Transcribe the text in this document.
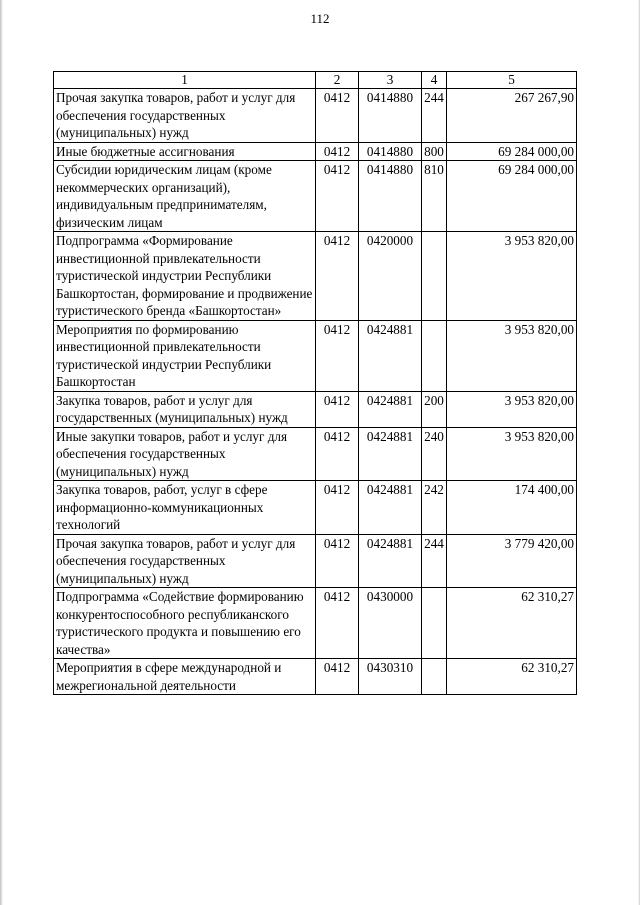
112
1	2	3	4	5
Прочая закупка товаров, работ и услуг для обеспечения государственных (муниципальных) нужд	0412	0414880	244	267 267,90
Иные бюджетные ассигнования	0412	0414880	800	69 284 000,00
Субсидии юридическим лицам (кроме некоммерческих организаций), индивидуальным предпринимателям, физическим лицам	0412	0414880	810	69 284 000,00
Подпрограмма «Формирование инвестиционной привлекательности туристической индустрии Республики Башкортостан, формирование и продвижение туристического бренда «Башкортостан»	0412	0420000		3 953 820,00
Мероприятия по формированию инвестиционной привлекательности туристической индустрии Республики Башкортостан	0412	0424881		3 953 820,00
Закупка товаров, работ и услуг для государственных (муниципальных) нужд	0412	0424881	200	3 953 820,00
Иные закупки товаров, работ и услуг для обеспечения государственных (муниципальных) нужд	0412	0424881	240	3 953 820,00
Закупка товаров, работ, услуг в сфере информационно-коммуникационных технологий	0412	0424881	242	174 400,00
Прочая закупка товаров, работ и услуг для обеспечения государственных (муниципальных) нужд	0412	0424881	244	3 779 420,00
Подпрограмма «Содействие формированию конкурентоспособного республиканского туристического продукта и повышению его качества»	0412	0430000		62 310,27
Мероприятия в сфере международной и межрегиональной деятельности	0412	0430310		62 310,27
